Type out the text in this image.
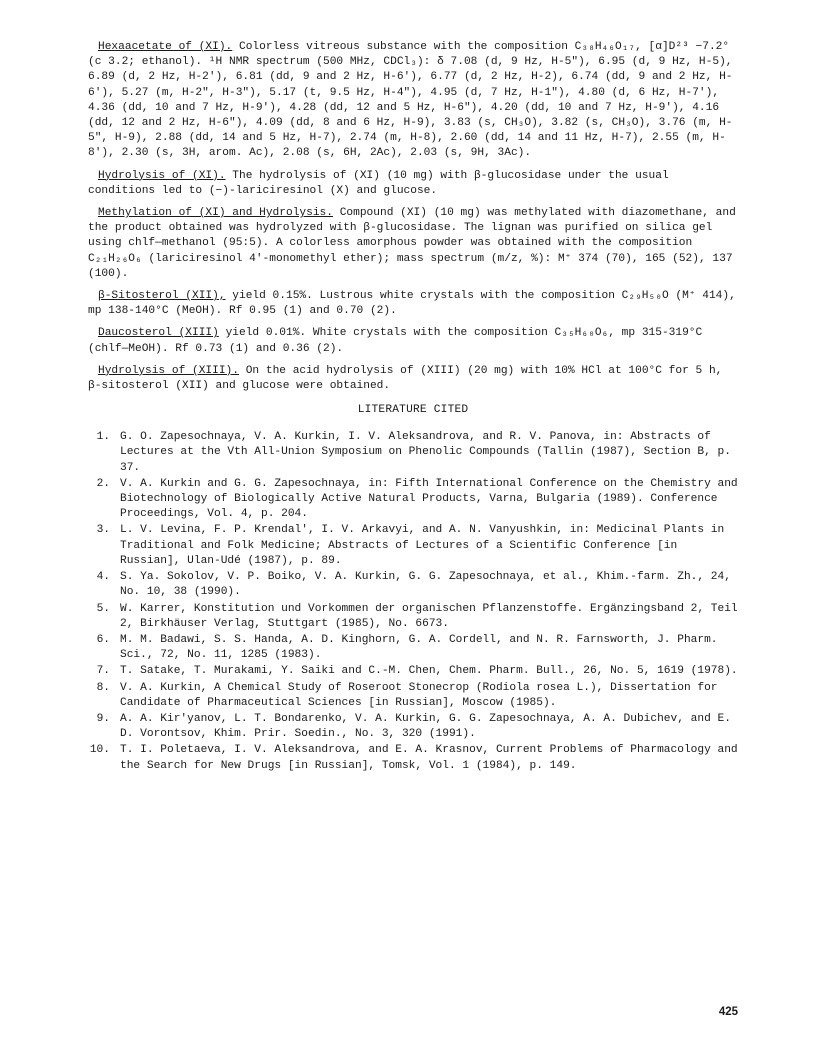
Hexaacetate of (XI). Colorless vitreous substance with the composition C₃₈H₄₆O₁₇, [α]D²³ −7.2° (c 3.2; ethanol). ¹H NMR spectrum (500 MHz, CDCl₃): δ 7.08 (d, 9 Hz, H-5"), 6.95 (d, 9 Hz, H-5), 6.89 (d, 2 Hz, H-2'), 6.81 (dd, 9 and 2 Hz, H-6'), 6.77 (d, 2 Hz, H-2), 6.74 (dd, 9 and 2 Hz, H-6'), 5.27 (m, H-2", H-3"), 5.17 (t, 9.5 Hz, H-4"), 4.95 (d, 7 Hz, H-1"), 4.80 (d, 6 Hz, H-7'), 4.36 (dd, 10 and 7 Hz, H-9'), 4.28 (dd, 12 and 5 Hz, H-6"), 4.20 (dd, 10 and 7 Hz, H-9'), 4.16 (dd, 12 and 2 Hz, H-6"), 4.09 (dd, 8 and 6 Hz, H-9), 3.83 (s, CH₃O), 3.82 (s, CH₃O), 3.76 (m, H-5", H-9), 2.88 (dd, 14 and 5 Hz, H-7), 2.74 (m, H-8), 2.60 (dd, 14 and 11 Hz, H-7), 2.55 (m, H-8'), 2.30 (s, 3H, arom. Ac), 2.08 (s, 6H, 2Ac), 2.03 (s, 9H, 3Ac).

Hydrolysis of (XI). The hydrolysis of (XI) (10 mg) with β-glucosidase under the usual conditions led to (−)-lariciresinol (X) and glucose.

Methylation of (XI) and Hydrolysis. Compound (XI) (10 mg) was methylated with diazomethane, and the product obtained was hydrolyzed with β-glucosidase. The lignan was purified on silica gel using chlf—methanol (95:5). A colorless amorphous powder was obtained with the composition C₂₁H₂₆O₆ (lariciresinol 4'-monomethyl ether); mass spectrum (m/z, %): M⁺ 374 (70), 165 (52), 137 (100).

β-Sitosterol (XII), yield 0.15%. Lustrous white crystals with the composition C₂₉H₅₀O (M⁺ 414), mp 138-140°C (MeOH). Rf 0.95 (1) and 0.70 (2).

Daucosterol (XIII) yield 0.01%. White crystals with the composition C₃₅H₆₀O₆, mp 315-319°C (chlf—MeOH). Rf 0.73 (1) and 0.36 (2).

Hydrolysis of (XIII). On the acid hydrolysis of (XIII) (20 mg) with 10% HCl at 100°C for 5 h, β-sitosterol (XII) and glucose were obtained.

LITERATURE CITED
1. G. O. Zapesochnaya, V. A. Kurkin, I. V. Aleksandrova, and R. V. Panova, in: Abstracts of Lectures at the Vth All-Union Symposium on Phenolic Compounds (Tallin (1987), Section B, p. 37.
2. V. A. Kurkin and G. G. Zapesochnaya, in: Fifth International Conference on the Chemistry and Biotechnology of Biologically Active Natural Products, Varna, Bulgaria (1989). Conference Proceedings, Vol. 4, p. 204.
3. L. V. Levina, F. P. Krendal', I. V. Arkavyi, and A. N. Vanyushkin, in: Medicinal Plants in Traditional and Folk Medicine; Abstracts of Lectures of a Scientific Conference [in Russian], Ulan-Udé (1987), p. 89.
4. S. Ya. Sokolov, V. P. Boiko, V. A. Kurkin, G. G. Zapesochnaya, et al., Khim.-farm. Zh., 24, No. 10, 38 (1990).
5. W. Karrer, Konstitution und Vorkommen der organischen Pflanzenstoffe. Ergänzingsband 2, Teil 2, Birkhäuser Verlag, Stuttgart (1985), No. 6673.
6. M. M. Badawi, S. S. Handa, A. D. Kinghorn, G. A. Cordell, and N. R. Farnsworth, J. Pharm. Sci., 72, No. 11, 1285 (1983).
7. T. Satake, T. Murakami, Y. Saiki and C.-M. Chen, Chem. Pharm. Bull., 26, No. 5, 1619 (1978).
8. V. A. Kurkin, A Chemical Study of Roseroot Stonecrop (Rodiola rosea L.), Dissertation for Candidate of Pharmaceutical Sciences [in Russian], Moscow (1985).
9. A. A. Kir'yanov, L. T. Bondarenko, V. A. Kurkin, G. G. Zapesochnaya, A. A. Dubichev, and E. D. Vorontsov, Khim. Prir. Soedin., No. 3, 320 (1991).
10. T. I. Poletaeva, I. V. Aleksandrova, and E. A. Krasnov, Current Problems of Pharmacology and the Search for New Drugs [in Russian], Tomsk, Vol. 1 (1984), p. 149.
425
